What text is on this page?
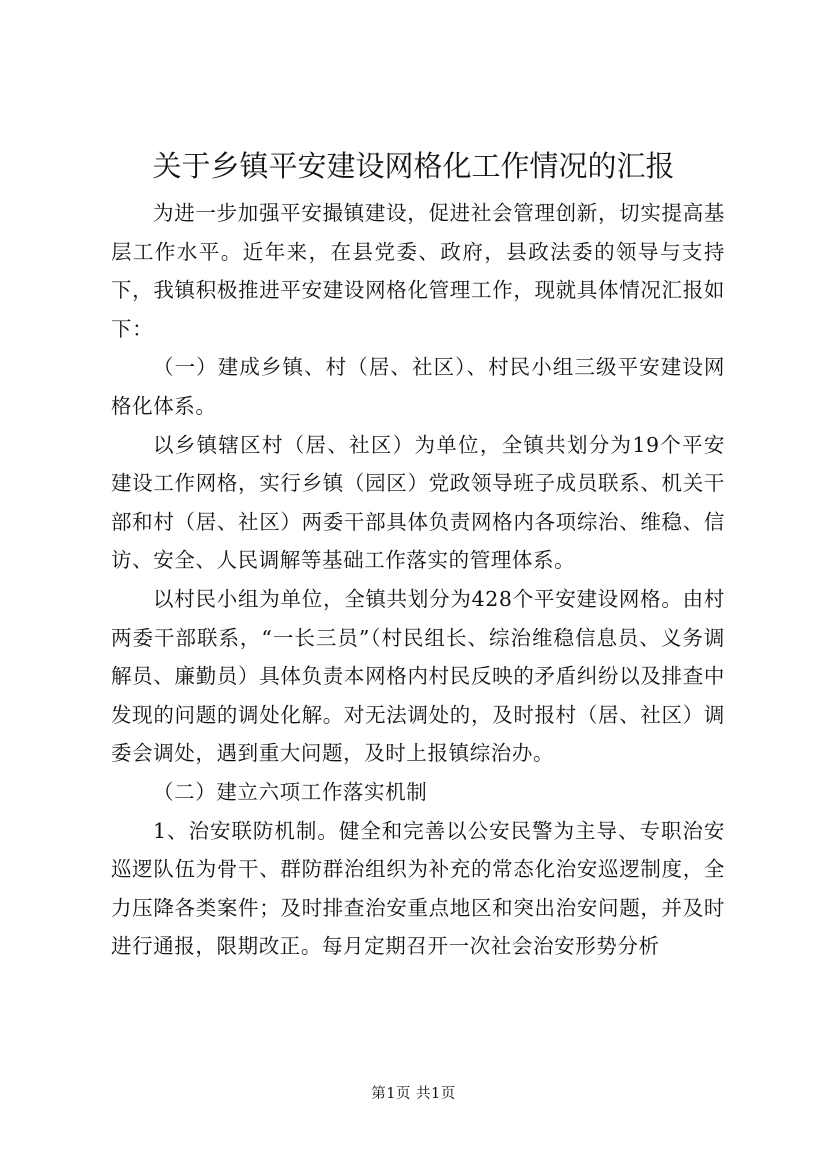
关于乡镇平安建设网格化工作情况的汇报

为进一步加强平安撮镇建设，促进社会管理创新，切实提高基层工作水平。近年来，在县党委、政府，县政法委的领导与支持下，我镇积极推进平安建设网格化管理工作，现就具体情况汇报如下：

（一）建成乡镇、村（居、社区）、村民小组三级平安建设网格化体系。

以乡镇辖区村（居、社区）为单位，全镇共划分为19个平安建设工作网格，实行乡镇（园区）党政领导班子成员联系、机关干部和村（居、社区）两委干部具体负责网格内各项综治、维稳、信访、安全、人民调解等基础工作落实的管理体系。

以村民小组为单位，全镇共划分为428个平安建设网格。由村两委干部联系，“一长三员”（村民组长、综治维稳信息员、义务调解员、廉勤员）具体负责本网格内村民反映的矛盾纠纷以及排查中发现的问题的调处化解。对无法调处的，及时报村（居、社区）调委会调处，遇到重大问题，及时上报镇综治办。

（二）建立六项工作落实机制

1、治安联防机制。健全和完善以公安民警为主导、专职治安巡逻队伍为骨干、群防群治组织为补充的常态化治安巡逻制度，全力压降各类案件；及时排查治安重点地区和突出治安问题，并及时进行通报，限期改正。每月定期召开一次社会治安形势分析

第1页 共1页
